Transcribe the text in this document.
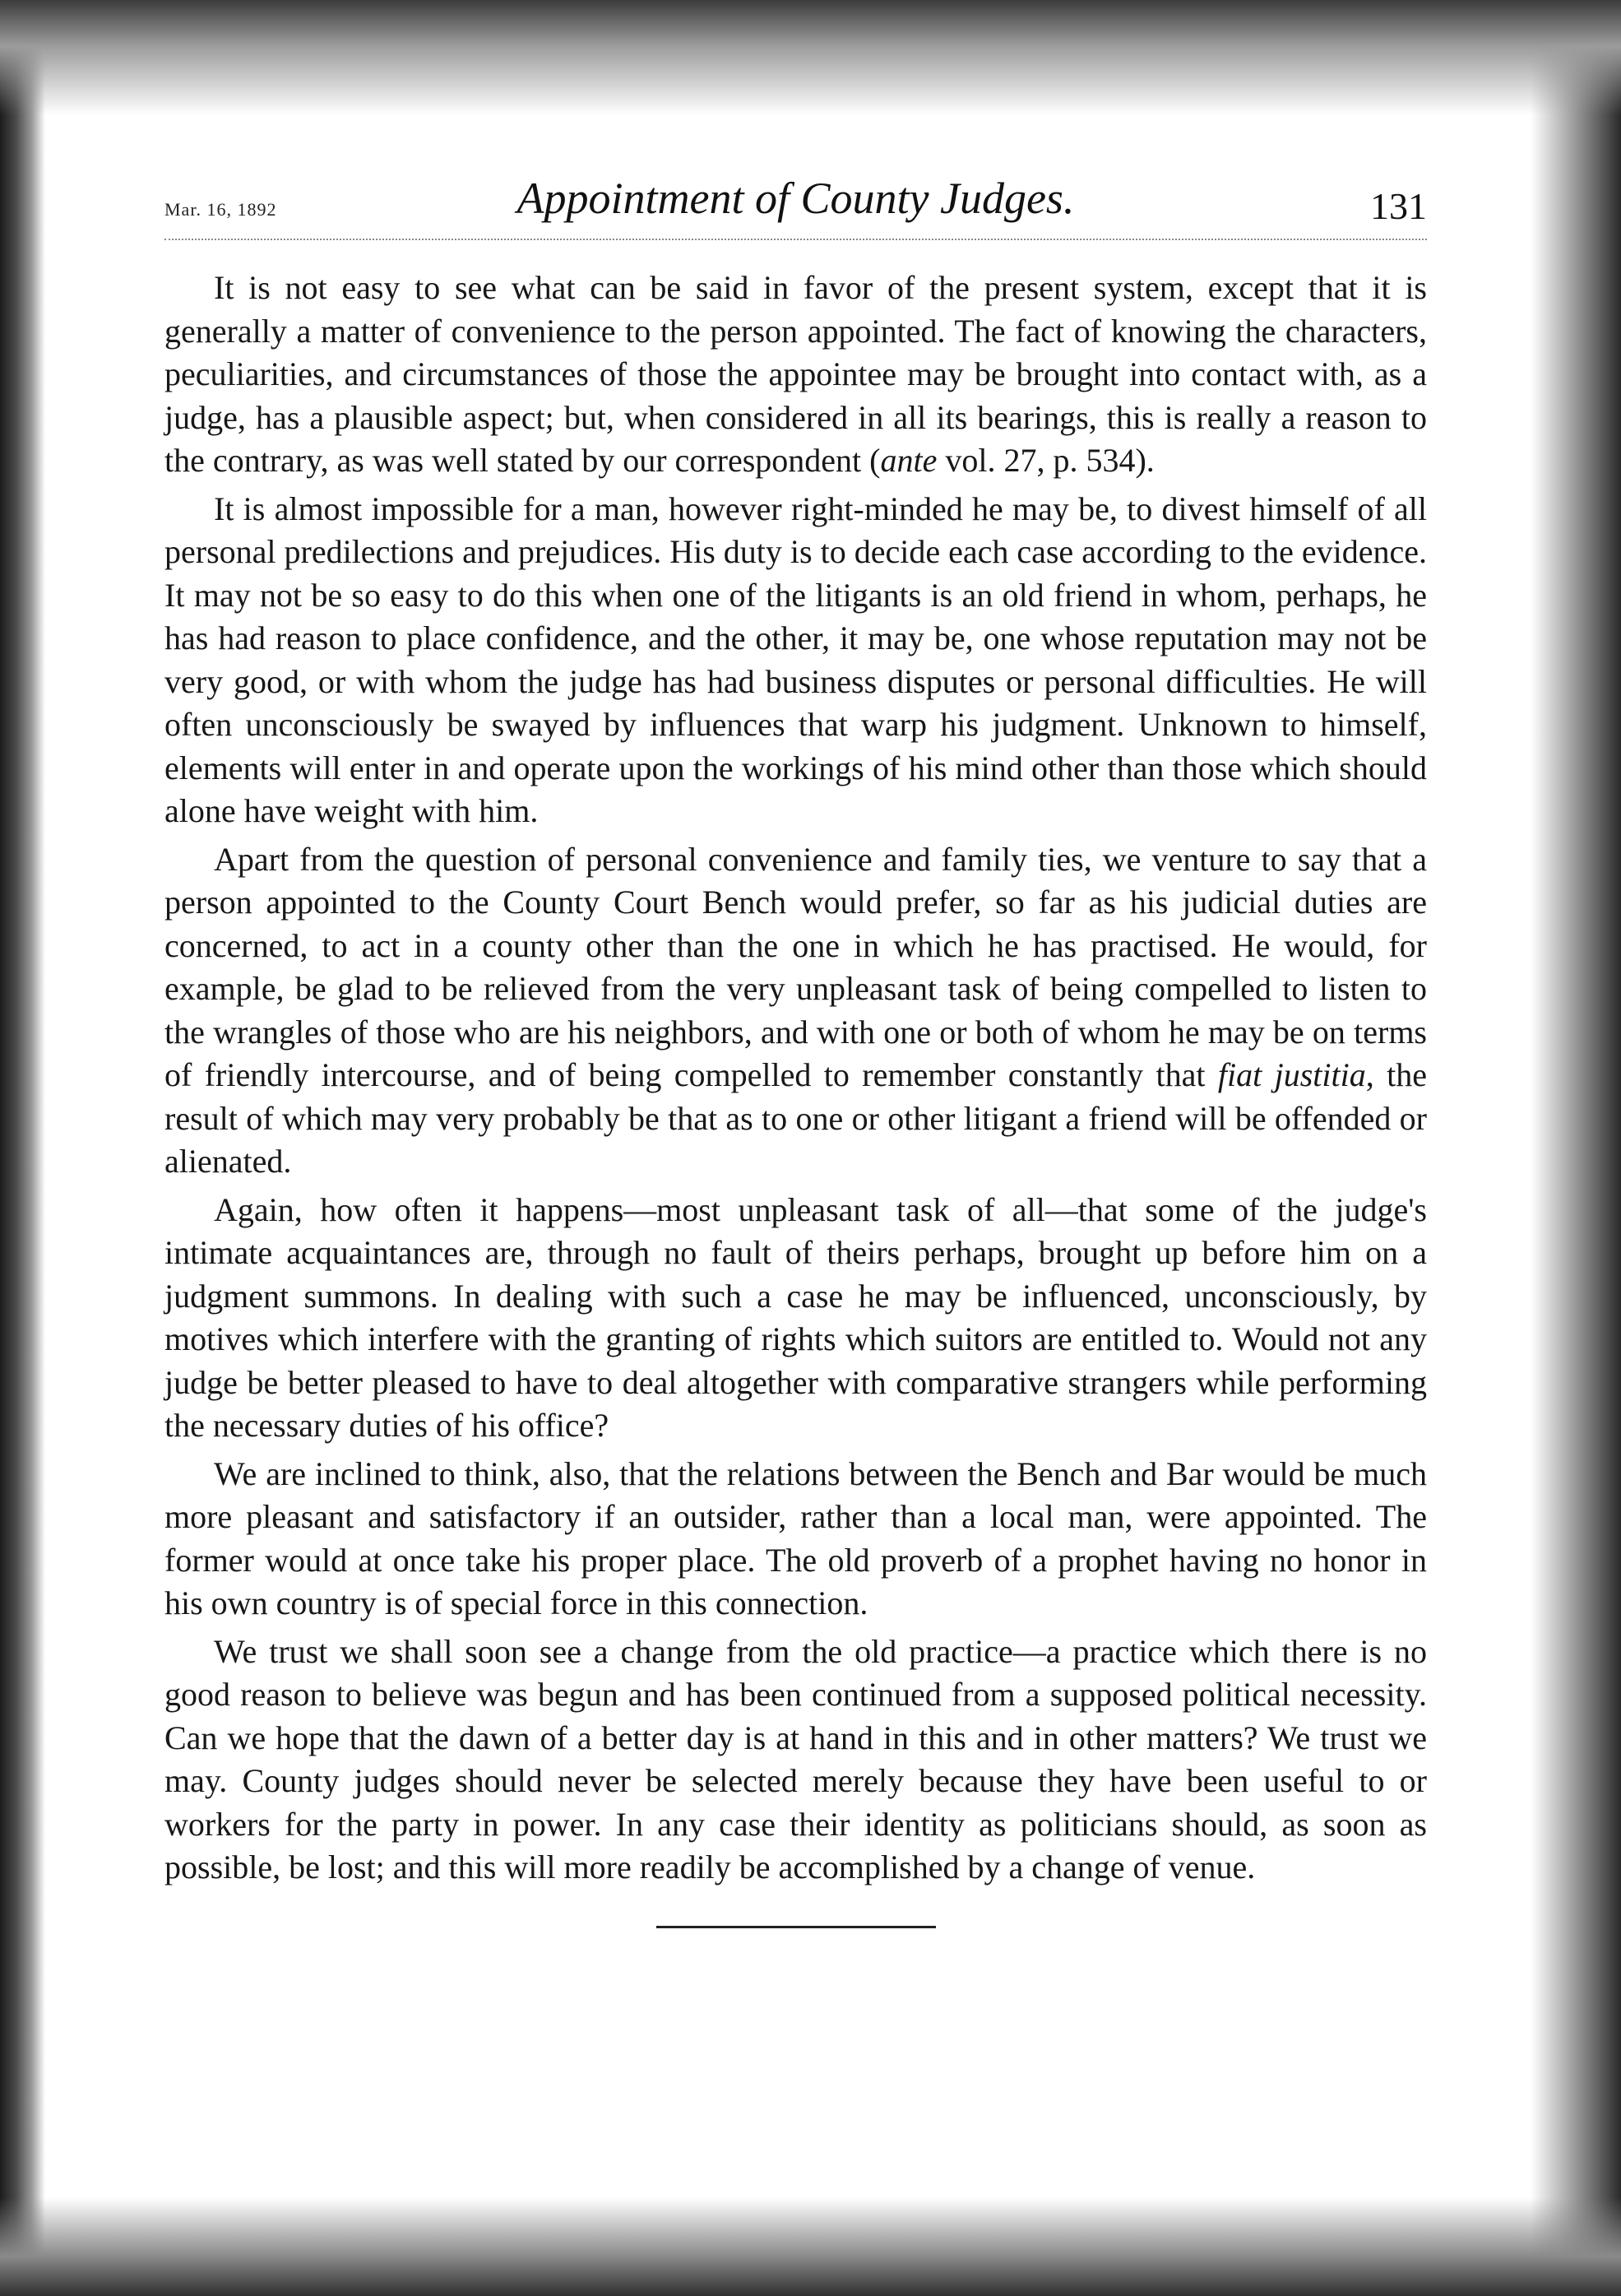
Mar. 16, 1892	Appointment of County Judges.	131

It is not easy to see what can be said in favor of the present system, except that it is generally a matter of convenience to the person appointed. The fact of knowing the characters, peculiarities, and circumstances of those the appointee may be brought into contact with, as a judge, has a plausible aspect; but, when considered in all its bearings, this is really a reason to the contrary, as was well stated by our correspondent (ante vol. 27, p. 534).

It is almost impossible for a man, however right-minded he may be, to divest himself of all personal predilections and prejudices. His duty is to decide each case according to the evidence. It may not be so easy to do this when one of the litigants is an old friend in whom, perhaps, he has had reason to place confidence, and the other, it may be, one whose reputation may not be very good, or with whom the judge has had business disputes or personal difficulties. He will often unconsciously be swayed by influences that warp his judgment. Unknown to himself, elements will enter in and operate upon the workings of his mind other than those which should alone have weight with him.

Apart from the question of personal convenience and family ties, we venture to say that a person appointed to the County Court Bench would prefer, so far as his judicial duties are concerned, to act in a county other than the one in which he has practised. He would, for example, be glad to be relieved from the very unpleasant task of being compelled to listen to the wrangles of those who are his neighbors, and with one or both of whom he may be on terms of friendly intercourse, and of being compelled to remember constantly that fiat justitia, the result of which may very probably be that as to one or other litigant a friend will be offended or alienated.

Again, how often it happens—most unpleasant task of all—that some of the judge's intimate acquaintances are, through no fault of theirs perhaps, brought up before him on a judgment summons. In dealing with such a case he may be influenced, unconsciously, by motives which interfere with the granting of rights which suitors are entitled to. Would not any judge be better pleased to have to deal altogether with comparative strangers while performing the necessary duties of his office?

We are inclined to think, also, that the relations between the Bench and Bar would be much more pleasant and satisfactory if an outsider, rather than a local man, were appointed. The former would at once take his proper place. The old proverb of a prophet having no honor in his own country is of special force in this connection.

We trust we shall soon see a change from the old practice—a practice which there is no good reason to believe was begun and has been continued from a supposed political necessity. Can we hope that the dawn of a better day is at hand in this and in other matters? We trust we may. County judges should never be selected merely because they have been useful to or workers for the party in power. In any case their identity as politicians should, as soon as possible, be lost; and this will more readily be accomplished by a change of venue.
